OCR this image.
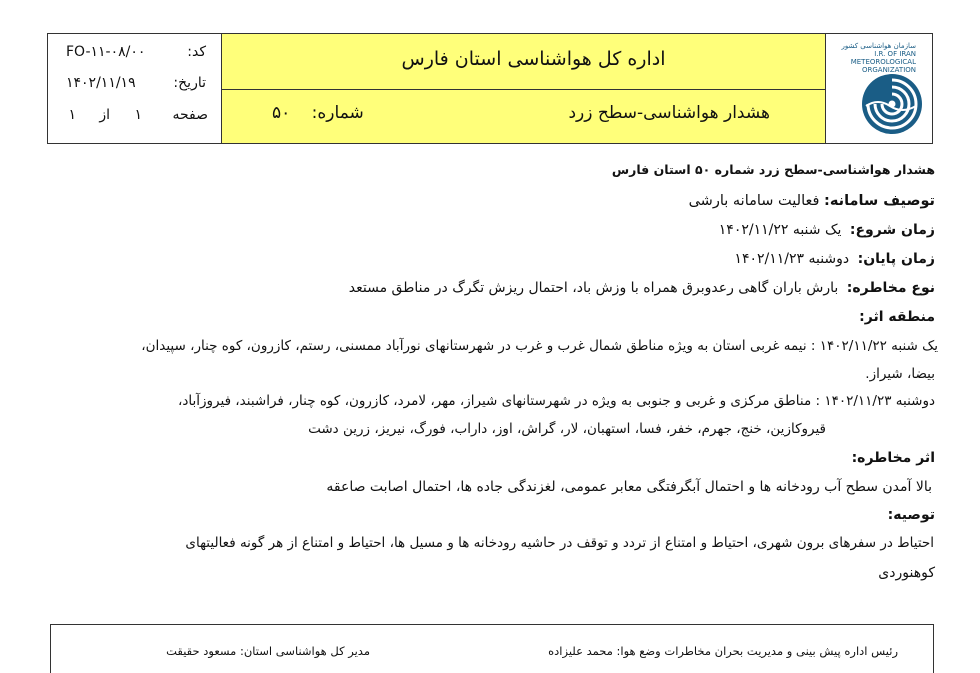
کد:
FO-۱۱-۰۸/۰۰
تاریخ:
۱۴۰۲/۱۱/۱۹
صفحه
۱
از
۱
اداره کل هواشناسی استان فارس
هشدار هواشناسی-سطح زرد
شماره: ۵۰
سازمان هواشناسی کشور
I.R. OF IRAN
METEOROLOGICAL
ORGANIZATION
هشدار هواشناسی-سطح زرد شماره ۵۰ استان فارس
توصیف سامانه: فعالیت سامانه بارشی
زمان شروع: یک شنبه ۱۴۰۲/۱۱/۲۲
زمان پایان: دوشنبه ۱۴۰۲/۱۱/۲۳
نوع مخاطره: بارش باران گاهی رعدوبرق همراه با وزش باد، احتمال ریزش تگرگ در مناطق مستعد
منطقه اثر:
یک شنبه ۱۴۰۲/۱۱/۲۲ : نیمه غربی استان به ویژه مناطق شمال غرب و غرب در شهرستانهای نورآباد ممسنی، رستم، کازرون، کوه چنار، سپیدان،
بیضا، شیراز.
دوشنبه ۱۴۰۲/۱۱/۲۳ : مناطق مرکزی و غربی و جنوبی به ویژه در شهرستانهای شیراز، مهر، لامرد، کازرون، کوه چنار، فراشبند، فیروزآباد،
قیروکازین، خنج، جهرم، خفر، فسا، استهبان، لار، گراش، اوز، داراب، فورگ، نیریز، زرین دشت
اثر مخاطره:
بالا آمدن سطح آب رودخانه ها و احتمال آبگرفتگی معابر عمومی، لغزندگی جاده ها، احتمال اصابت صاعقه
توصیه:
احتیاط در سفرهای برون شهری، احتیاط و امتناع از تردد و توقف در حاشیه رودخانه ها و مسیل ها، احتیاط و امتناع از هر گونه فعالیتهای
کوهنوردی
رئیس اداره پیش بینی و مدیریت بحران مخاطرات وضع هوا: محمد علیزاده
مدیر کل هواشناسی استان: مسعود حقیقت
